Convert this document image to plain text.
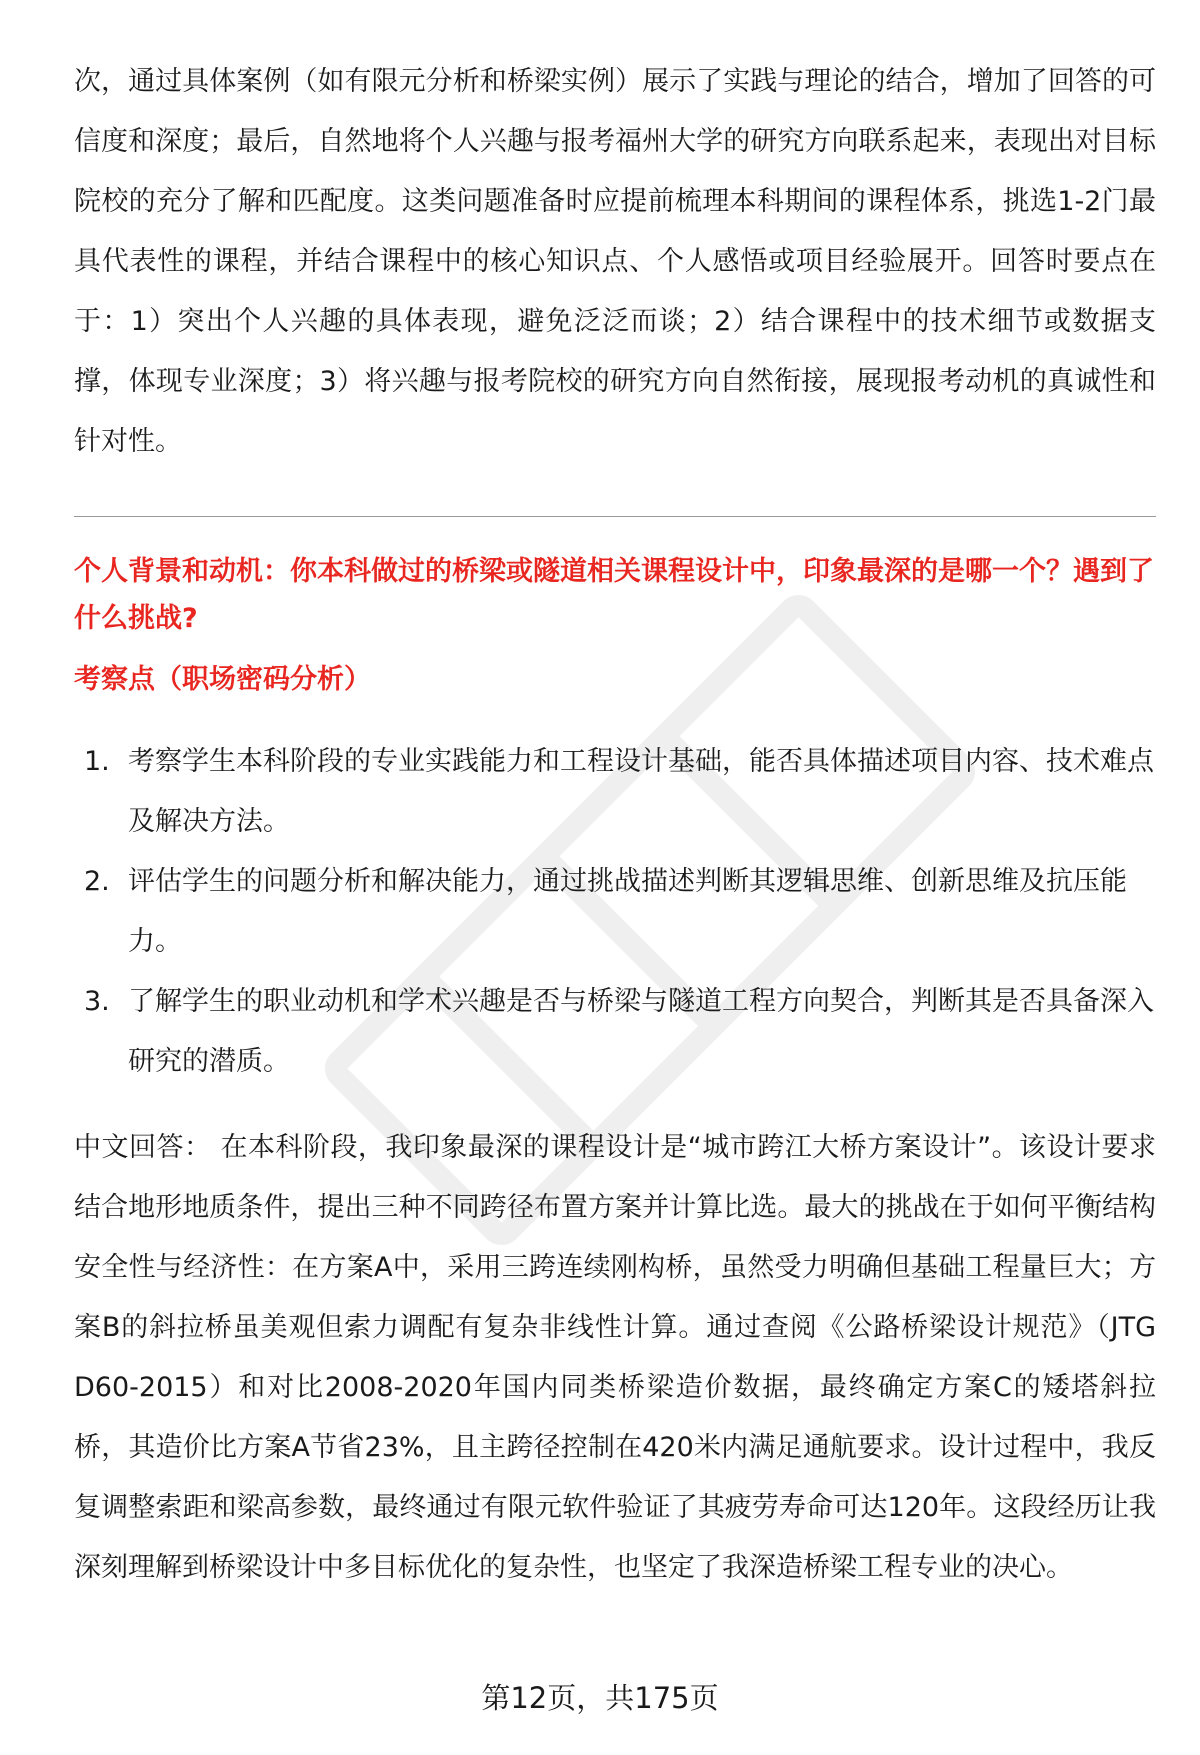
次，通过具体案例（如有限元分析和桥梁实例）展示了实践与理论的结合，增加了回答的可信度和深度；最后，自然地将个人兴趣与报考福州大学的研究方向联系起来，表现出对目标院校的充分了解和匹配度。这类问题准备时应提前梳理本科期间的课程体系，挑选1-2门最具代表性的课程，并结合课程中的核心知识点、个人感悟或项目经验展开。回答时要点在于：1）突出个人兴趣的具体表现，避免泛泛而谈；2）结合课程中的技术细节或数据支撑，体现专业深度；3）将兴趣与报考院校的研究方向自然衔接，展现报考动机的真诚性和针对性。

个人背景和动机：你本科做过的桥梁或隧道相关课程设计中，印象最深的是哪一个？遇到了什么挑战?

考察点（职场密码分析）

1. 考察学生本科阶段的专业实践能力和工程设计基础，能否具体描述项目内容、技术难点及解决方法。
2. 评估学生的问题分析和解决能力，通过挑战描述判断其逻辑思维、创新思维及抗压能力。
3. 了解学生的职业动机和学术兴趣是否与桥梁与隧道工程方向契合，判断其是否具备深入研究的潜质。

中文回答： 在本科阶段，我印象最深的课程设计是“城市跨江大桥方案设计”。该设计要求结合地形地质条件，提出三种不同跨径布置方案并计算比选。最大的挑战在于如何平衡结构安全性与经济性：在方案A中，采用三跨连续刚构桥，虽然受力明确但基础工程量巨大；方案B的斜拉桥虽美观但索力调配有复杂非线性计算。通过查阅《公路桥梁设计规范》（JTG D60-2015）和对比2008-2020年国内同类桥梁造价数据，最终确定方案C的矮塔斜拉桥，其造价比方案A节省23%，且主跨径控制在420米内满足通航要求。设计过程中，我反复调整索距和梁高参数，最终通过有限元软件验证了其疲劳寿命可达120年。这段经历让我深刻理解到桥梁设计中多目标优化的复杂性，也坚定了我深造桥梁工程专业的决心。

第12页，共175页
